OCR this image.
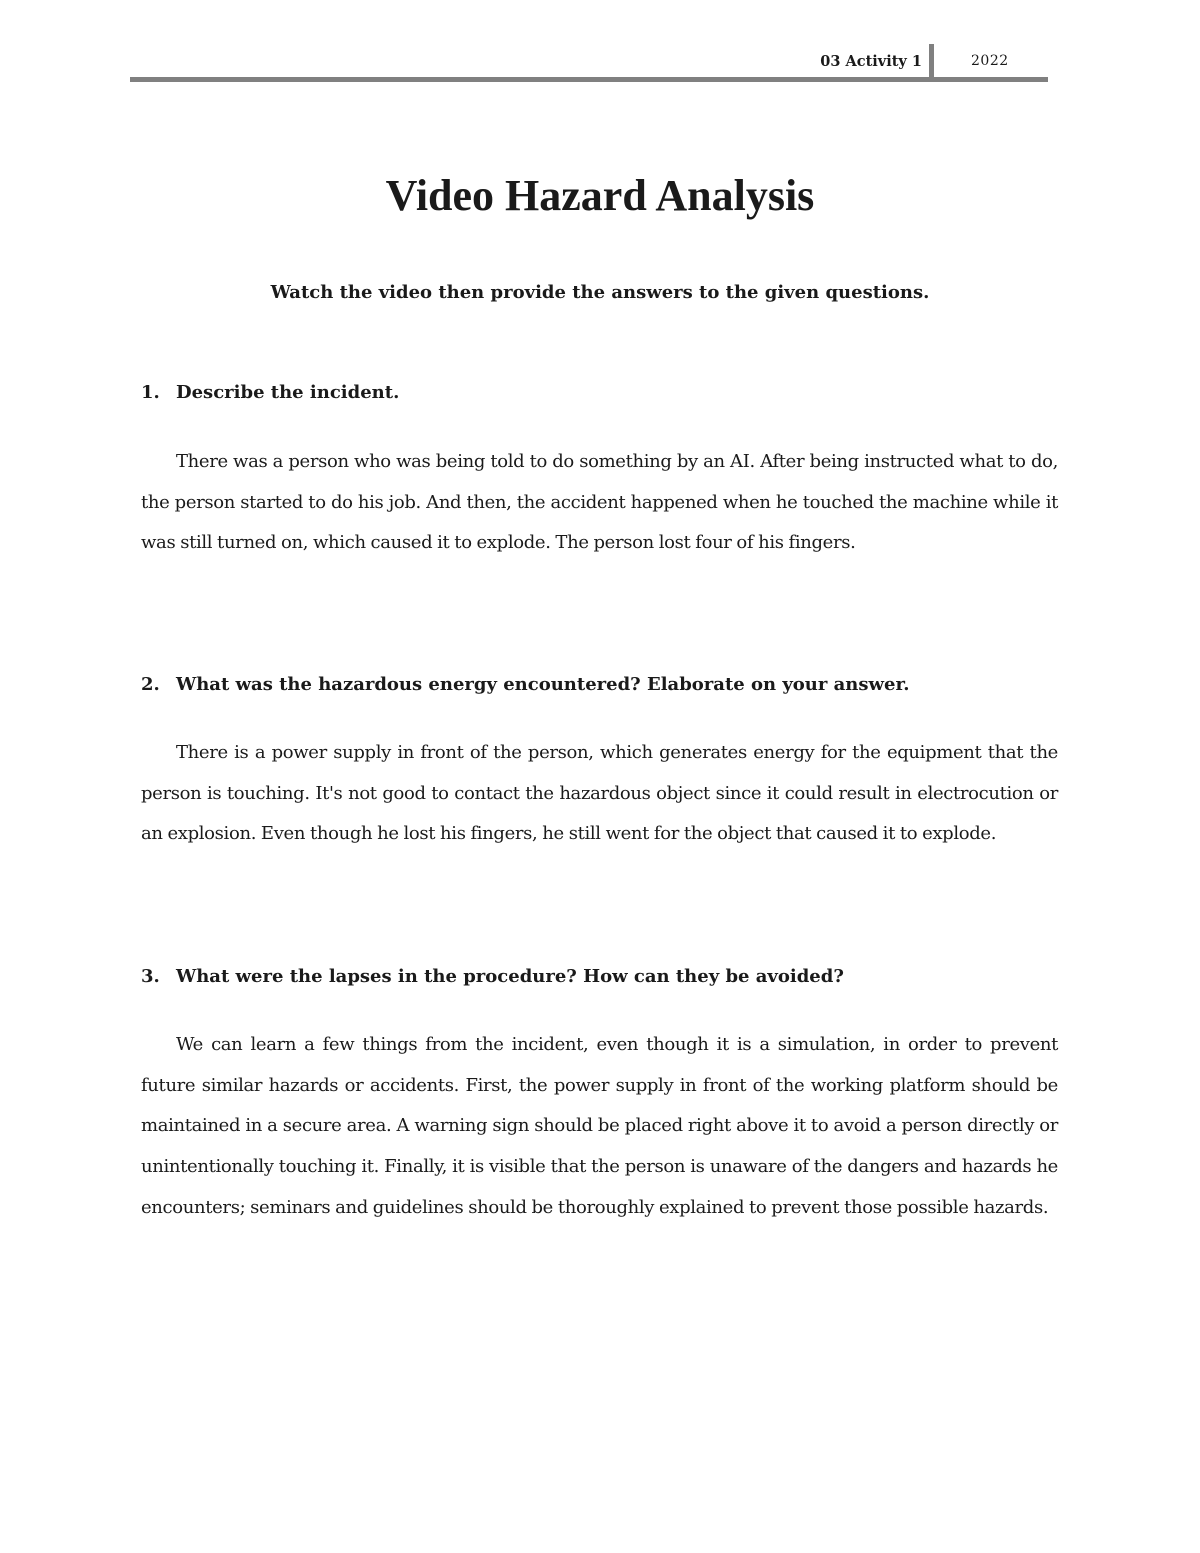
03 Activity 1	2022
Video Hazard Analysis

Watch the video then provide the answers to the given questions.

1. Describe the incident.

There was a person who was being told to do something by an AI. After being instructed what to do, the person started to do his job. And then, the accident happened when he touched the machine while it was still turned on, which caused it to explode. The person lost four of his fingers.

2. What was the hazardous energy encountered? Elaborate on your answer.

There is a power supply in front of the person, which generates energy for the equipment that the person is touching. It's not good to contact the hazardous object since it could result in electrocution or an explosion. Even though he lost his fingers, he still went for the object that caused it to explode.

3. What were the lapses in the procedure? How can they be avoided?

We can learn a few things from the incident, even though it is a simulation, in order to prevent future similar hazards or accidents. First, the power supply in front of the working platform should be maintained in a secure area. A warning sign should be placed right above it to avoid a person directly or unintentionally touching it. Finally, it is visible that the person is unaware of the dangers and hazards he encounters; seminars and guidelines should be thoroughly explained to prevent those possible hazards.
